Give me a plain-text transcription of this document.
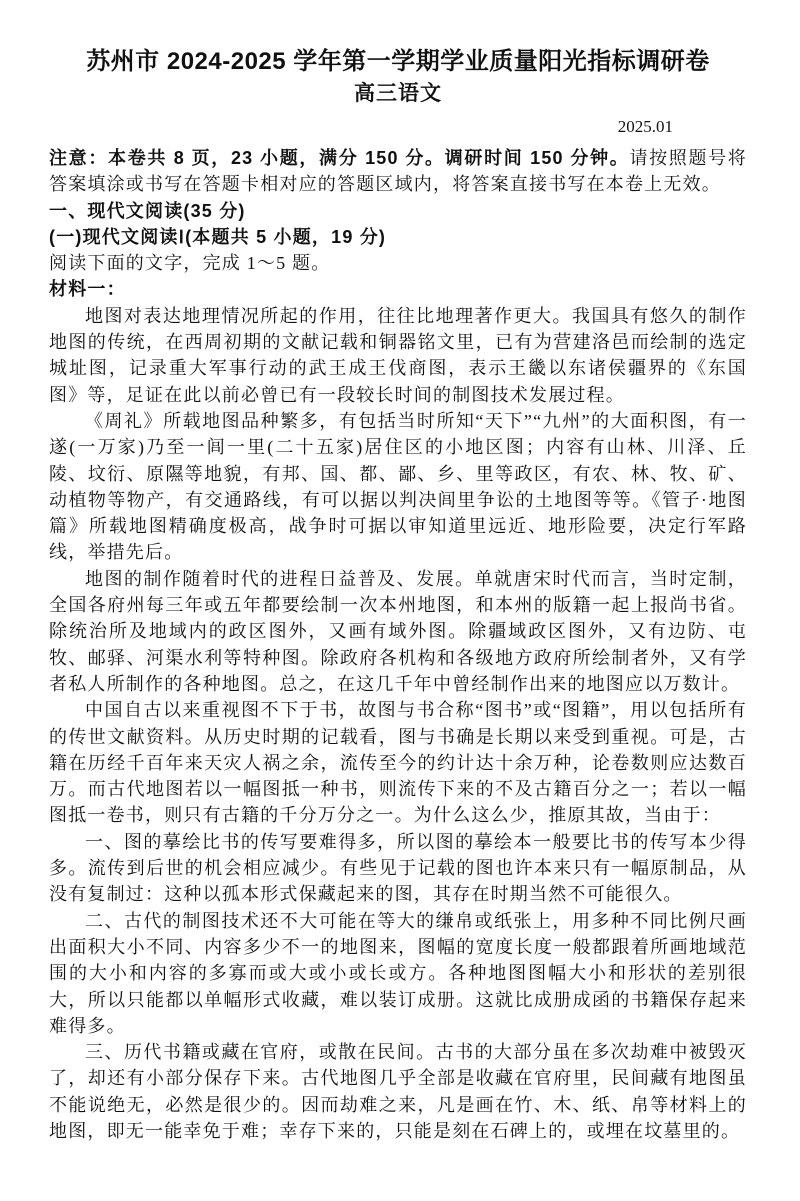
苏州市 2024-2025 学年第一学期学业质量阳光指标调研卷
高三语文
2025.01

注意：本卷共 8 页，23 小题，满分 150 分。调研时间 150 分钟。请按照题号将答案填涂或书写在答题卡相对应的答题区域内，将答案直接书写在本卷上无效。

一、现代文阅读(35 分)
(一)现代文阅读Ⅰ(本题共 5 小题，19 分)

阅读下面的文字，完成 1～5 题。

材料一：

地图对表达地理情况所起的作用，往往比地理著作更大。我国具有悠久的制作地图的传统，在西周初期的文献记载和铜器铭文里，已有为营建洛邑而绘制的选定城址图，记录重大军事行动的武王成王伐商图，表示王畿以东诸侯疆界的《东国图》等，足证在此以前必曾已有一段较长时间的制图技术发展过程。

《周礼》所载地图品种繁多，有包括当时所知“天下”“九州”的大面积图，有一遂(一万家)乃至一闾一里(二十五家)居住区的小地区图；内容有山林、川泽、丘陵、坟衍、原隰等地貌，有邦、国、都、鄙、乡、里等政区，有农、林、牧、矿、动植物等物产，有交通路线，有可以据以判决闾里争讼的土地图等等。《管子·地图篇》所载地图精确度极高，战争时可据以审知道里远近、地形险要，决定行军路线，举措先后。

地图的制作随着时代的进程日益普及、发展。单就唐宋时代而言，当时定制，全国各府州每三年或五年都要绘制一次本州地图，和本州的版籍一起上报尚书省。除统治所及地域内的政区图外，又画有域外图。除疆域政区图外，又有边防、屯牧、邮驿、河渠水利等特种图。除政府各机构和各级地方政府所绘制者外，又有学者私人所制作的各种地图。总之，在这几千年中曾经制作出来的地图应以万数计。

中国自古以来重视图不下于书，故图与书合称“图书”或“图籍”，用以包括所有的传世文献资料。从历史时期的记载看，图与书确是长期以来受到重视。可是，古籍在历经千百年来天灾人祸之余，流传至今的约计达十余万种，论卷数则应达数百万。而古代地图若以一幅图抵一种书，则流传下来的不及古籍百分之一；若以一幅图抵一卷书，则只有古籍的千分万分之一。为什么这么少，推原其故，当由于：

一、图的摹绘比书的传写要难得多，所以图的摹绘本一般要比书的传写本少得多。流传到后世的机会相应减少。有些见于记载的图也许本来只有一幅原制品，从没有复制过：这种以孤本形式保藏起来的图，其存在时期当然不可能很久。

二、古代的制图技术还不大可能在等大的缣帛或纸张上，用多种不同比例尺画出面积大小不同、内容多少不一的地图来，图幅的宽度长度一般都跟着所画地域范围的大小和内容的多寡而或大或小或长或方。各种地图图幅大小和形状的差别很大，所以只能都以单幅形式收藏，难以装订成册。这就比成册成函的书籍保存起来难得多。

三、历代书籍或藏在官府，或散在民间。古书的大部分虽在多次劫难中被毁灭了，却还有小部分保存下来。古代地图几乎全部是收藏在官府里，民间藏有地图虽不能说绝无，必然是很少的。因而劫难之来，凡是画在竹、木、纸、帛等材料上的地图，即无一能幸免于难；幸存下来的，只能是刻在石碑上的，或埋在坟墓里的。
